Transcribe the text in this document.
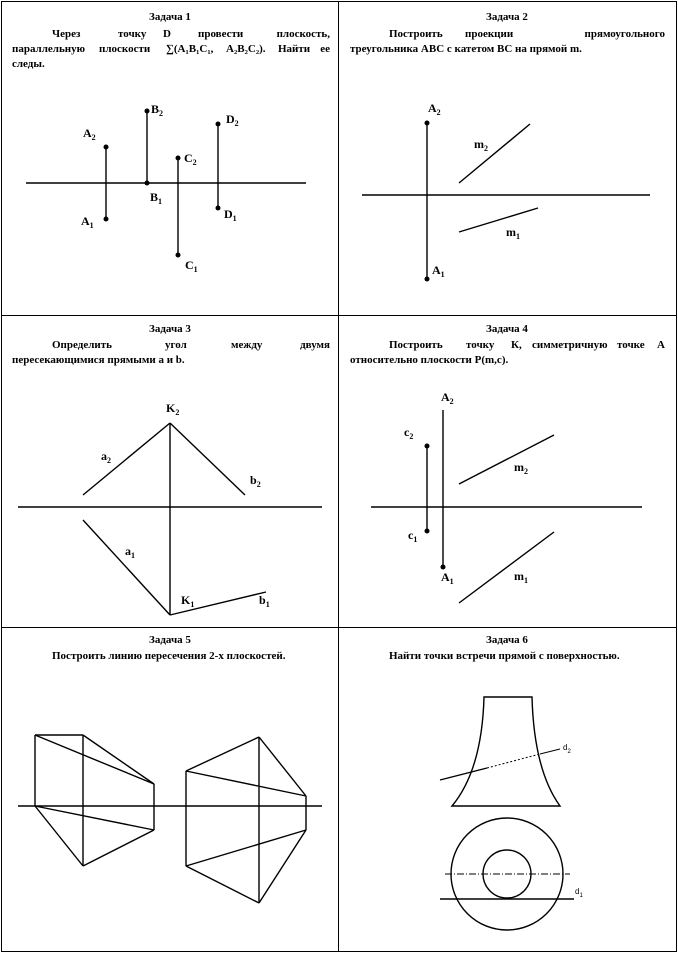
Задача 1
Через	точку D провести	плоскость,
параллельную плоскости ∑(A₁B₁C₁, A₂B₂C₂). Найти ее
следы.
$A_2$
$A_1$
$B_2$
$B_1$
$C_2$
$C_1$
$D_2$
$D_1$
Задача 2
Построить проекции	прямоугольного
треугольника ABC с катетом BC на прямой m.
$A_2$
$A_1$
$m_2$
$m_1$
Задача 3
Определить	угол	между	двумя
пересекающимися прямыми a и b.
$K_2$
$K_1$
$a_2$
$a_1$
$b_2$
$b_1$
Задача 4
Построить точку К, симметричную точке А
относительно плоскости P(m,c).
$A_2$
$A_1$
$c_2$
$c_1$
$m_2$
$m_1$
Задача 5
Построить линию пересечения 2-х плоскостей.
Задача 6
Найти точки встречи прямой с поверхностью.
$d_2$
$d_1$
